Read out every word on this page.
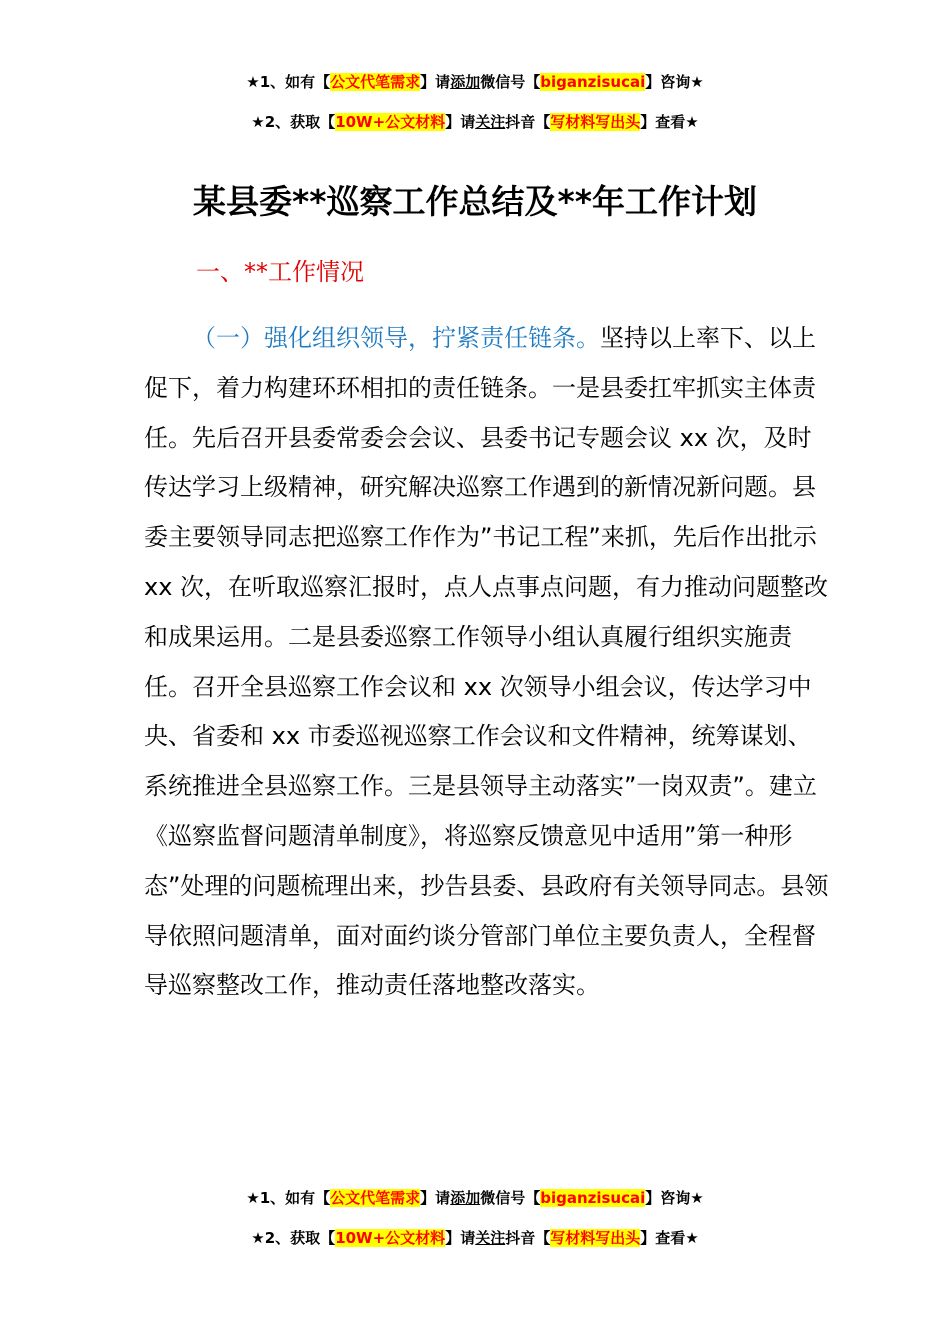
★1、如有【公文代笔需求】请添加微信号【biganzisucai】咨询★
★2、获取【10W+公文材料】请关注抖音【写材料写出头】查看★
某县委**巡察工作总结及**年工作计划
一、**工作情况

（一）强化组织领导，拧紧责任链条。坚持以上率下、以上促下，着力构建环环相扣的责任链条。一是县委扛牢抓实主体责任。先后召开县委常委会会议、县委书记专题会议 xx 次，及时传达学习上级精神，研究解决巡察工作遇到的新情况新问题。县委主要领导同志把巡察工作作为”书记工程”来抓，先后作出批示 xx 次，在听取巡察汇报时，点人点事点问题，有力推动问题整改和成果运用。二是县委巡察工作领导小组认真履行组织实施责任。召开全县巡察工作会议和 xx 次领导小组会议，传达学习中央、省委和 xx 市委巡视巡察工作会议和文件精神，统筹谋划、系统推进全县巡察工作。三是县领导主动落实”一岗双责”。建立《巡察监督问题清单制度》，将巡察反馈意见中适用”第一种形态”处理的问题梳理出来，抄告县委、县政府有关领导同志。县领导依照问题清单，面对面约谈分管部门单位主要负责人，全程督导巡察整改工作，推动责任落地整改落实。

★1、如有【公文代笔需求】请添加微信号【biganzisucai】咨询★
★2、获取【10W+公文材料】请关注抖音【写材料写出头】查看★
